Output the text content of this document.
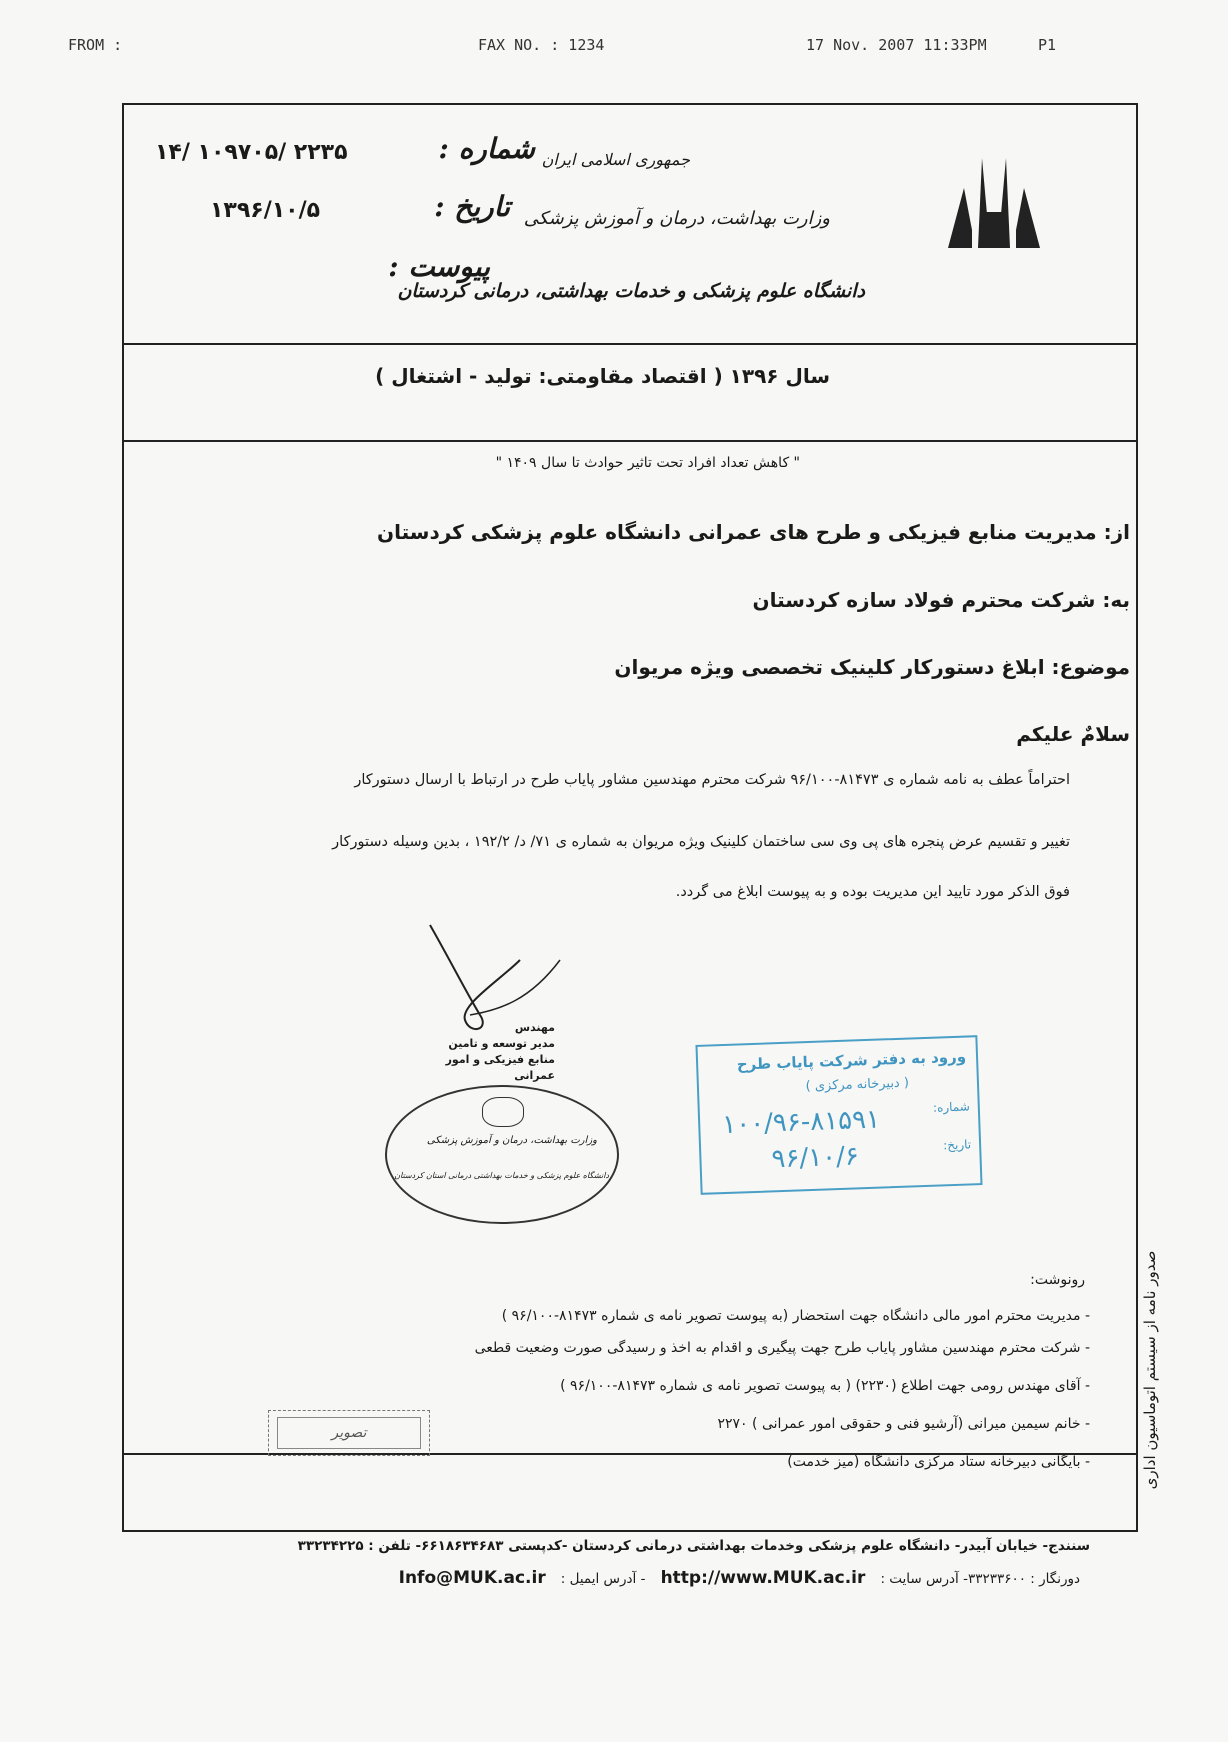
FROM :	FAX NO. : 1234	17 Nov. 2007 11:33PM	P1
جمهوری اسلامی ایران
وزارت بهداشت، درمان و آموزش پزشکی
دانشگاه علوم پزشکی و خدمات بهداشتی، درمانی کردستان
۱۴/ ۱۰۹۷۰۵/ ۲۲۳۵	شماره :
۱۳۹۶/۱۰/۵	تاریخ :
پیوست :
سال ۱۳۹۶ ( اقتصاد مقاومتی: تولید - اشتغال )
" کاهش تعداد افراد تحت تاثیر حوادث تا سال ۱۴۰۹ "
از: مدیریت منابع فیزیکی و طرح های عمرانی دانشگاه علوم پزشکی کردستان
به: شرکت محترم فولاد سازه کردستان
موضوع: ابلاغ دستورکار کلینیک تخصصی ویژه مریوان
سلامٌ علیکم
احتراماً عطف به نامه شماره ی ۸۱۴۷۳-۹۶/۱۰۰ شرکت محترم مهندسین مشاور پایاب طرح در ارتباط با ارسال دستورکار
تغییر و تقسیم عرض پنجره های پی وی سی ساختمان کلینیک ویژه مریوان به شماره ی ۷۱/ د/ ۱۹۲/۲ ، بدین وسیله دستورکار
فوق الذکر مورد تایید این مدیریت بوده و به پیوست ابلاغ می گردد.
مهندس
مدیر توسعه و تامین
منابع فیزیکی و امور عمرانی
وزارت بهداشت، درمان و آموزش پزشکی
دانشگاه علوم پزشکی و خدمات بهداشتی درمانی استان کردستان
ورود به دفتر شرکت پایاب طرح
( دبیرخانه مرکزی )
شماره:
۱۰۰/۹۶-۸۱۵۹۱
تاریخ:
۹۶/۱۰/۶
رونوشت:
- مدیریت محترم امور مالی دانشگاه جهت استحضار (به پیوست تصویر نامه ی شماره ۸۱۴۷۳-۹۶/۱۰۰ )
- شرکت محترم مهندسین مشاور پایاب طرح جهت پیگیری و اقدام به اخذ و رسیدگی صورت وضعیت قطعی
- آقای مهندس رومی جهت اطلاع (۲۲۳۰) ( به پیوست تصویر نامه ی شماره ۸۱۴۷۳-۹۶/۱۰۰ )
- خانم سیمین میرانی (آرشیو فنی و حقوقی امور عمرانی ) ۲۲۷۰
- بایگانی دبیرخانه ستاد مرکزی دانشگاه (میز خدمت)
تصویر	صدور نامه از سیستم اتوماسیون اداری
سنندج- خیابان آبیدر- دانشگاه علوم پزشکی وخدمات بهداشتی درمانی کردستان -کدپستی ۶۶۱۸۶۳۴۶۸۳- تلفن : ۳۳۲۳۴۲۲۵
دورنگار : ۳۳۲۳۳۶۰۰- آدرس سایت : http://www.MUK.ac.ir - آدرس ایمیل : Info@MUK.ac.ir
